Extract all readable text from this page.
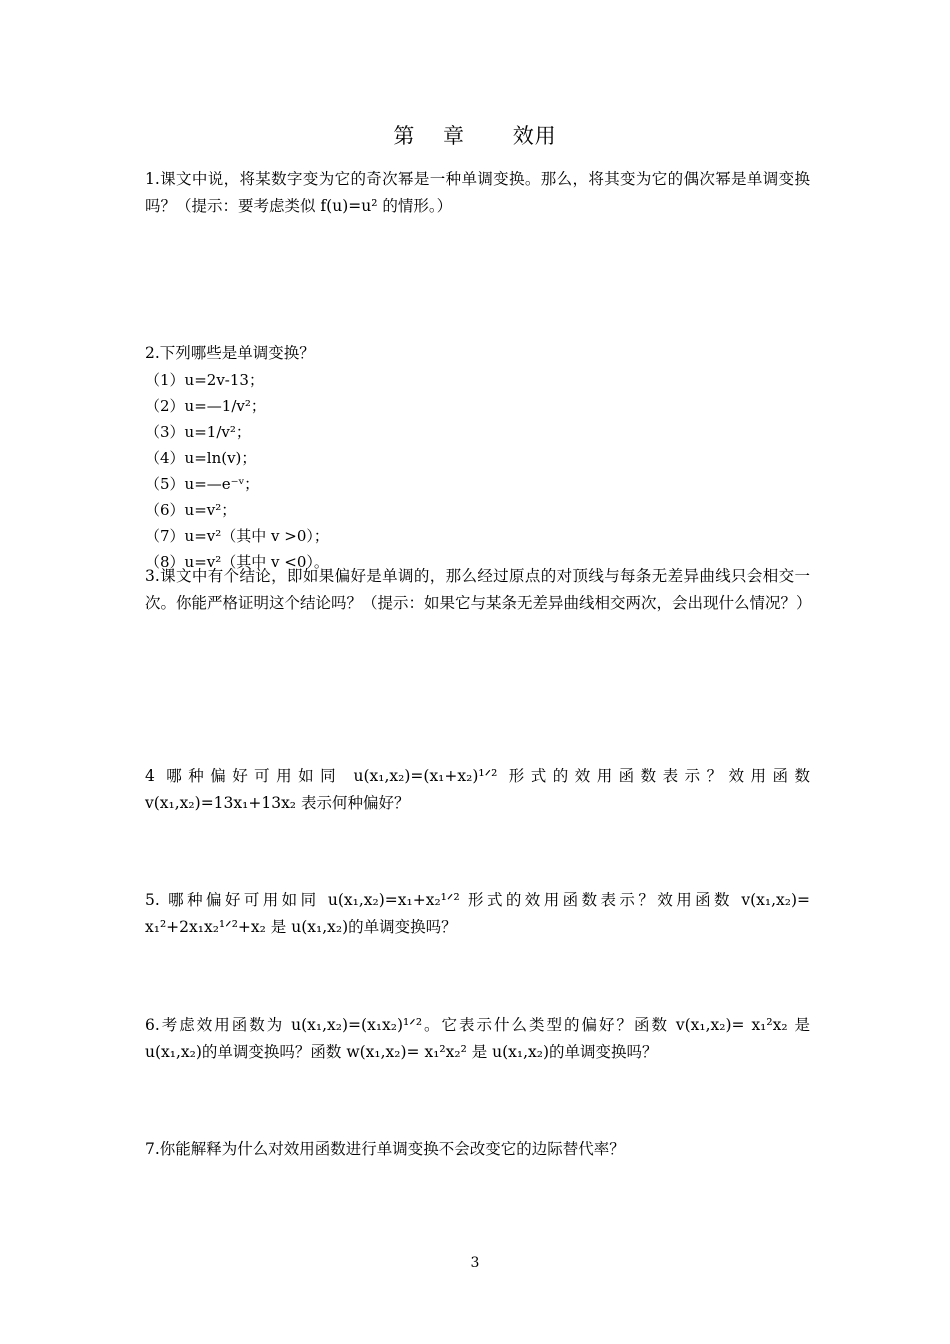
第 章 效用
1.课文中说，将某数字变为它的奇次幂是一种单调变换。那么，将其变为它的偶次幂是单调变换吗？（提示：要考虑类似 f(u)=u² 的情形。）
2.下列哪些是单调变换？
（1）u=2v-13；
（2）u=—1/v²；
（3）u=1/v²；
（4）u=ln(v)；
（5）u=—e⁻ᵛ；
（6）u=v²；
（7）u=v²（其中 v >0）；
（8）u=v²（其中 v <0）。
3.课文中有个结论，即如果偏好是单调的，那么经过原点的对顶线与每条无差异曲线只会相交一次。你能严格证明这个结论吗？（提示：如果它与某条无差异曲线相交两次，会出现什么情况？）
4 哪种偏好可用如同 u(x₁,x₂)=(x₁+x₂)¹ᐟ² 形式的效用函数表示？效用函数 v(x₁,x₂)=13x₁+13x₂ 表示何种偏好？
5. 哪种偏好可用如同 u(x₁,x₂)=x₁+x₂¹ᐟ² 形式的效用函数表示？效用函数 v(x₁,x₂)= x₁²+2x₁x₂¹ᐟ²+x₂ 是 u(x₁,x₂)的单调变换吗？
6.考虑效用函数为 u(x₁,x₂)=(x₁x₂)¹ᐟ²。它表示什么类型的偏好？函数 v(x₁,x₂)= x₁²x₂ 是 u(x₁,x₂)的单调变换吗？函数 w(x₁,x₂)= x₁²x₂² 是 u(x₁,x₂)的单调变换吗？
7.你能解释为什么对效用函数进行单调变换不会改变它的边际替代率？
3
